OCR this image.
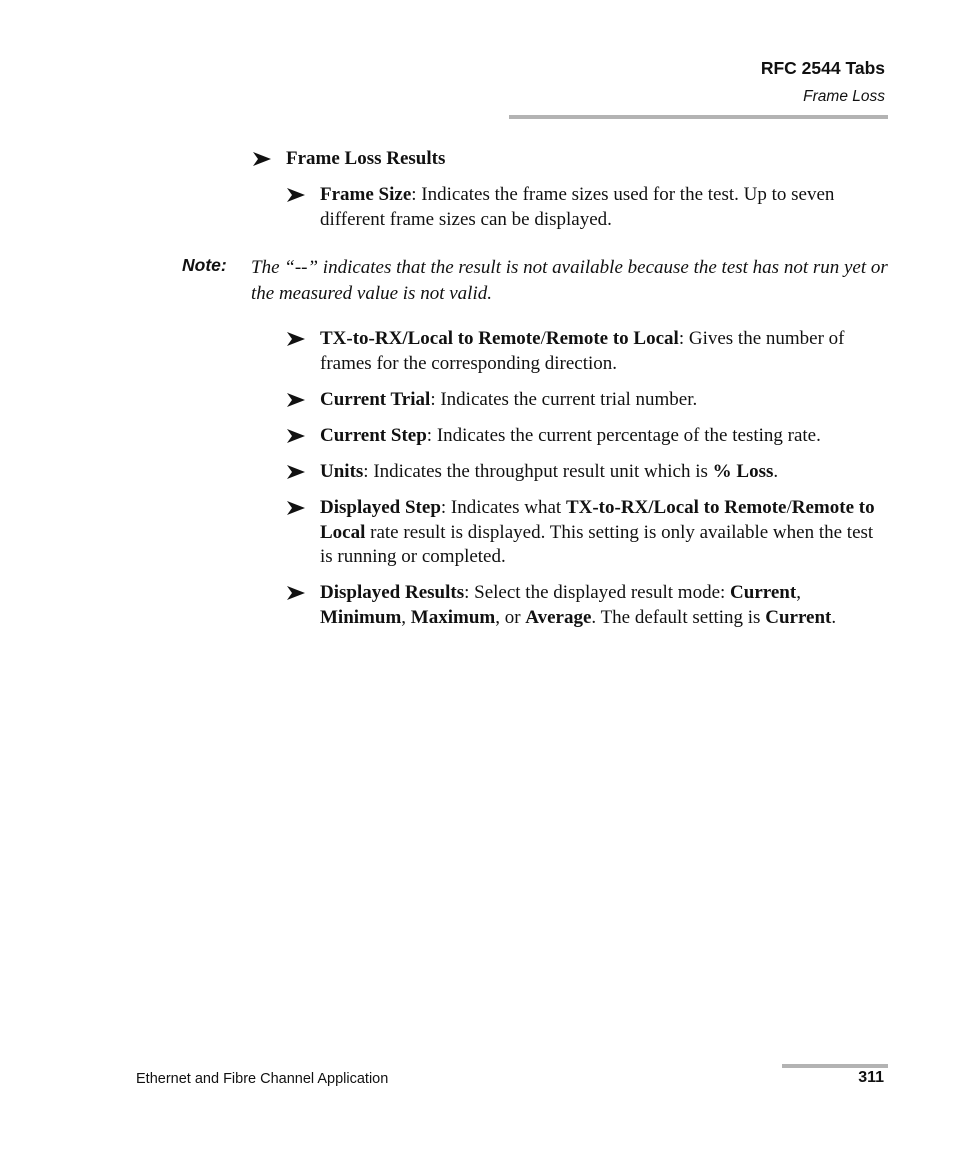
RFC 2544 Tabs
Frame Loss
Frame Loss Results
Frame Size: Indicates the frame sizes used for the test. Up to seven different frame sizes can be displayed.
Note: The “--” indicates that the result is not available because the test has not run yet or the measured value is not valid.
TX-to-RX/Local to Remote/Remote to Local: Gives the number of frames for the corresponding direction.
Current Trial: Indicates the current trial number.
Current Step: Indicates the current percentage of the testing rate.
Units: Indicates the throughput result unit which is % Loss.
Displayed Step: Indicates what TX-to-RX/Local to Remote/Remote to Local rate result is displayed. This setting is only available when the test is running or completed.
Displayed Results: Select the displayed result mode: Current, Minimum, Maximum, or Average. The default setting is Current.
Ethernet and Fibre Channel Application	311
